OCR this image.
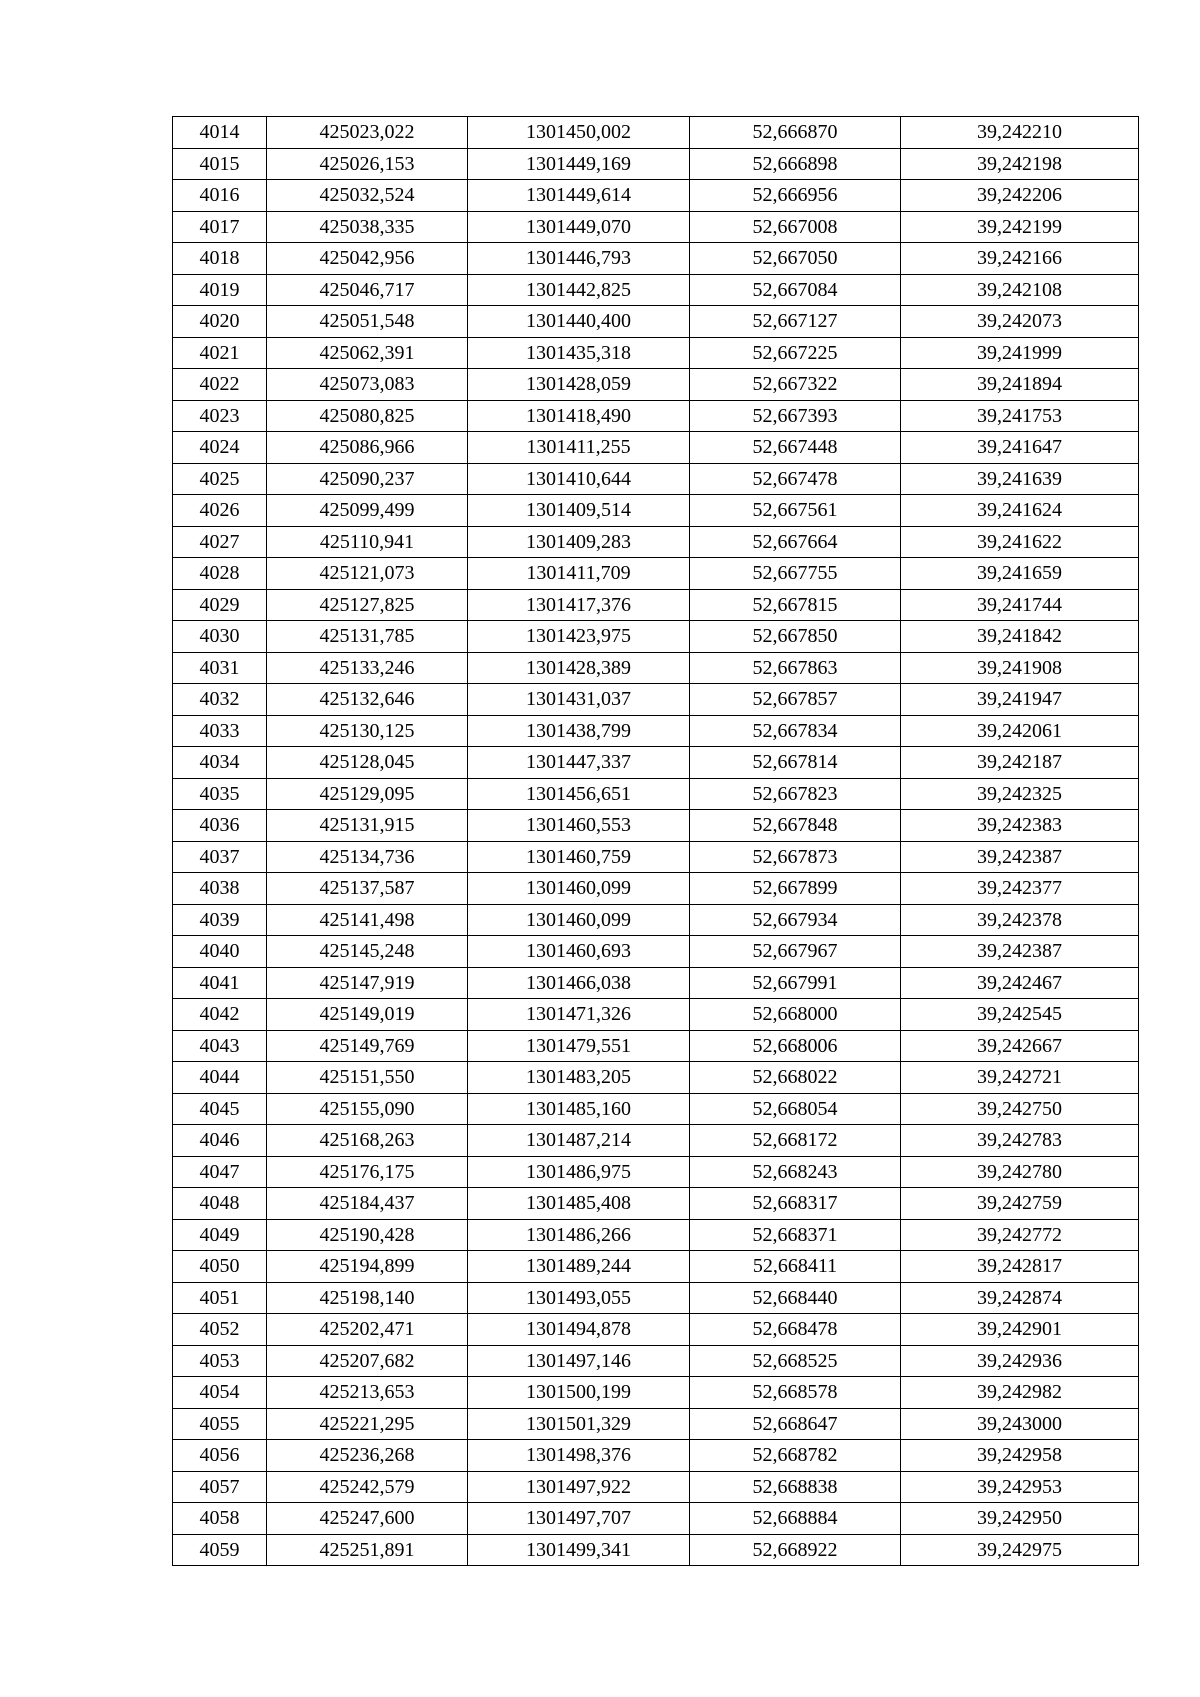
4014	425023,022	1301450,002	52,666870	39,242210
4015	425026,153	1301449,169	52,666898	39,242198
4016	425032,524	1301449,614	52,666956	39,242206
4017	425038,335	1301449,070	52,667008	39,242199
4018	425042,956	1301446,793	52,667050	39,242166
4019	425046,717	1301442,825	52,667084	39,242108
4020	425051,548	1301440,400	52,667127	39,242073
4021	425062,391	1301435,318	52,667225	39,241999
4022	425073,083	1301428,059	52,667322	39,241894
4023	425080,825	1301418,490	52,667393	39,241753
4024	425086,966	1301411,255	52,667448	39,241647
4025	425090,237	1301410,644	52,667478	39,241639
4026	425099,499	1301409,514	52,667561	39,241624
4027	425110,941	1301409,283	52,667664	39,241622
4028	425121,073	1301411,709	52,667755	39,241659
4029	425127,825	1301417,376	52,667815	39,241744
4030	425131,785	1301423,975	52,667850	39,241842
4031	425133,246	1301428,389	52,667863	39,241908
4032	425132,646	1301431,037	52,667857	39,241947
4033	425130,125	1301438,799	52,667834	39,242061
4034	425128,045	1301447,337	52,667814	39,242187
4035	425129,095	1301456,651	52,667823	39,242325
4036	425131,915	1301460,553	52,667848	39,242383
4037	425134,736	1301460,759	52,667873	39,242387
4038	425137,587	1301460,099	52,667899	39,242377
4039	425141,498	1301460,099	52,667934	39,242378
4040	425145,248	1301460,693	52,667967	39,242387
4041	425147,919	1301466,038	52,667991	39,242467
4042	425149,019	1301471,326	52,668000	39,242545
4043	425149,769	1301479,551	52,668006	39,242667
4044	425151,550	1301483,205	52,668022	39,242721
4045	425155,090	1301485,160	52,668054	39,242750
4046	425168,263	1301487,214	52,668172	39,242783
4047	425176,175	1301486,975	52,668243	39,242780
4048	425184,437	1301485,408	52,668317	39,242759
4049	425190,428	1301486,266	52,668371	39,242772
4050	425194,899	1301489,244	52,668411	39,242817
4051	425198,140	1301493,055	52,668440	39,242874
4052	425202,471	1301494,878	52,668478	39,242901
4053	425207,682	1301497,146	52,668525	39,242936
4054	425213,653	1301500,199	52,668578	39,242982
4055	425221,295	1301501,329	52,668647	39,243000
4056	425236,268	1301498,376	52,668782	39,242958
4057	425242,579	1301497,922	52,668838	39,242953
4058	425247,600	1301497,707	52,668884	39,242950
4059	425251,891	1301499,341	52,668922	39,242975
